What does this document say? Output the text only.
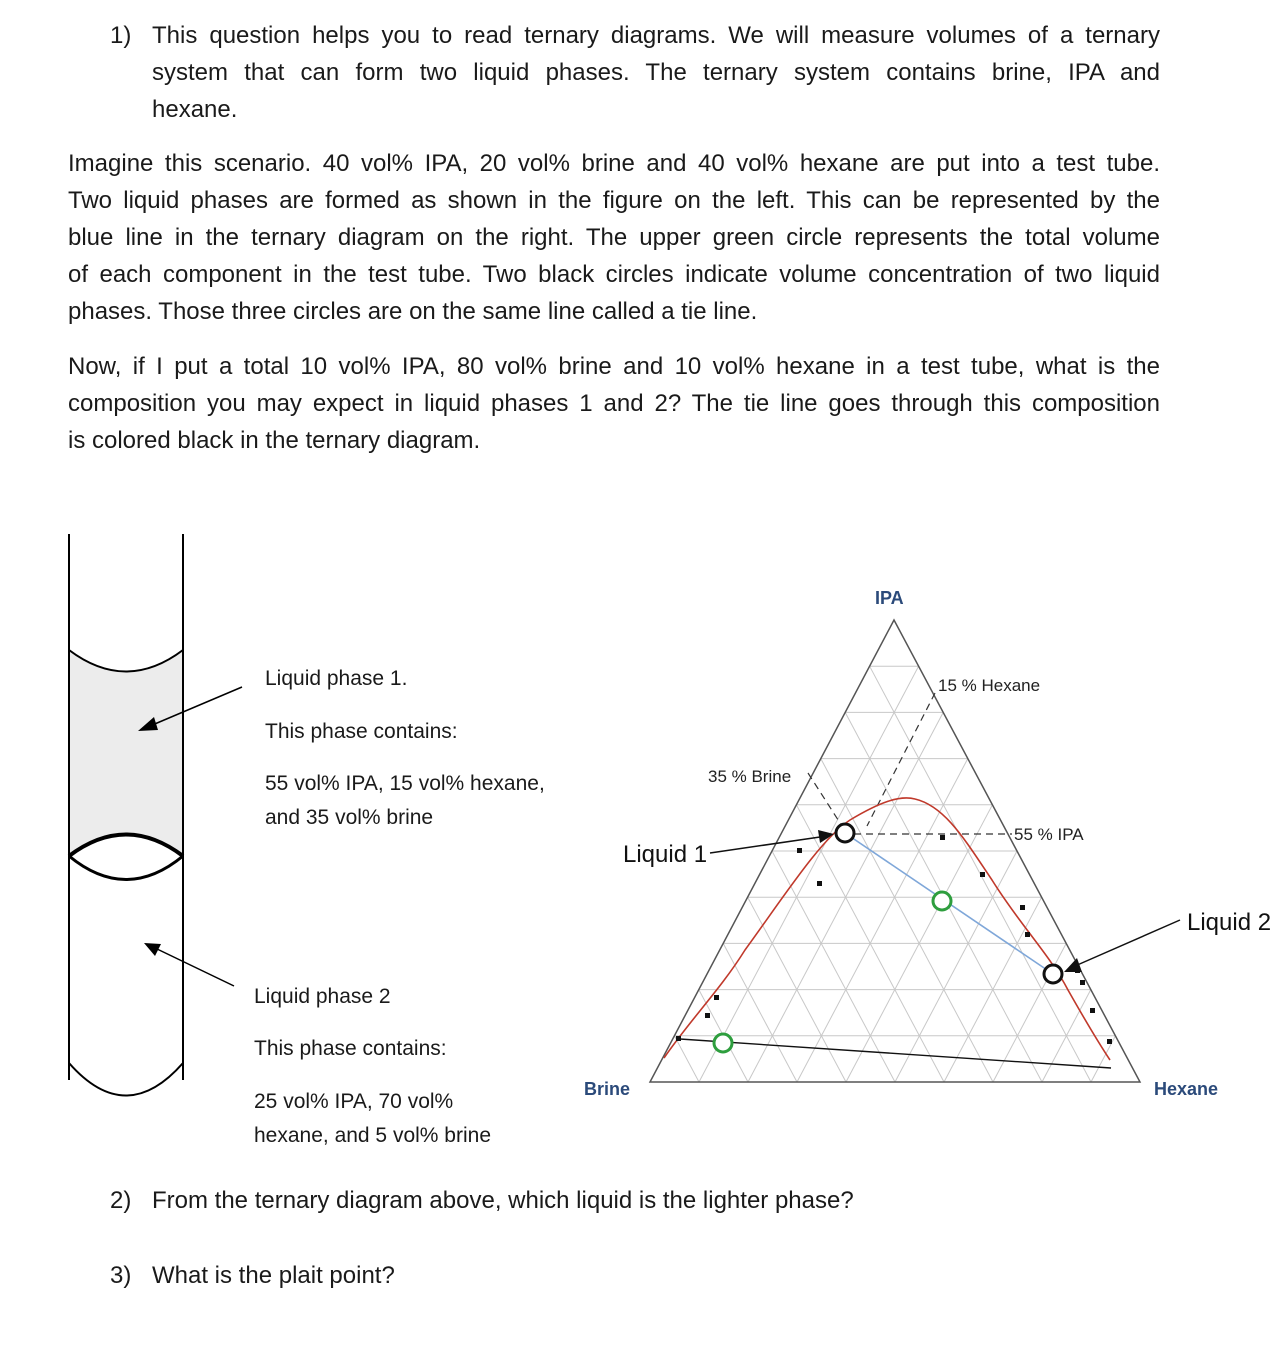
1) This question helps you to read ternary diagrams. We will measure volumes of a ternary
system that can form two liquid phases. The ternary system contains brine, IPA and
hexane.
Imagine this scenario. 40 vol% IPA, 20 vol% brine and 40 vol% hexane are put into a test tube.
Two liquid phases are formed as shown in the figure on the left. This can be represented by the
blue line in the ternary diagram on the right. The upper green circle represents the total volume
of each component in the test tube. Two black circles indicate volume concentration of two liquid
phases. Those three circles are on the same line called a tie line.
Now, if I put a total 10 vol% IPA, 80 vol% brine and 10 vol% hexane in a test tube, what is the
composition you may expect in liquid phases 1 and 2? The tie line goes through this composition
is colored black in the ternary diagram.
Liquid phase 1.
This phase contains:
55 vol% IPA, 15 vol% hexane,
and 35 vol% brine
Liquid phase 2
This phase contains:
25 vol% IPA, 70 vol%
hexane, and 5 vol% brine
IPA
Brine	Hexane
15 % Hexane
35 % Brine
55 % IPA
Liquid 1
Liquid 2
2) From the ternary diagram above, which liquid is the lighter phase?
3) What is the plait point?
